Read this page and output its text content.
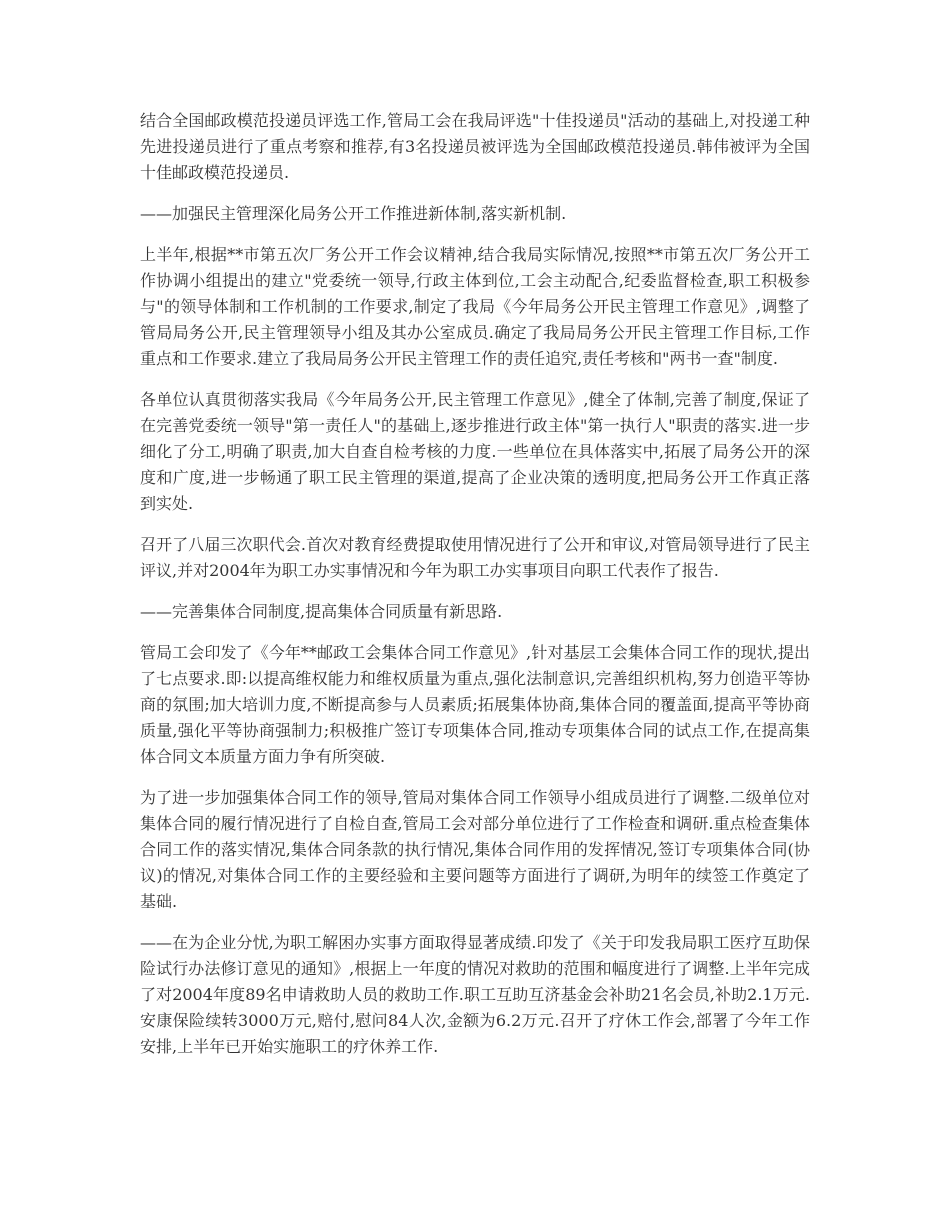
结合全国邮政模范投递员评选工作,管局工会在我局评选"十佳投递员"活动的基础上,对投递工种先进投递员进行了重点考察和推荐,有3名投递员被评选为全国邮政模范投递员.韩伟被评为全国十佳邮政模范投递员.

——加强民主管理深化局务公开工作推进新体制,落实新机制.

上半年,根据**市第五次厂务公开工作会议精神,结合我局实际情况,按照**市第五次厂务公开工作协调小组提出的建立"党委统一领导,行政主体到位,工会主动配合,纪委监督检查,职工积极参与"的领导体制和工作机制的工作要求,制定了我局《今年局务公开民主管理工作意见》,调整了管局局务公开,民主管理领导小组及其办公室成员.确定了我局局务公开民主管理工作目标,工作重点和工作要求.建立了我局局务公开民主管理工作的责任追究,责任考核和"两书一查"制度.

各单位认真贯彻落实我局《今年局务公开,民主管理工作意见》,健全了体制,完善了制度,保证了在完善党委统一领导"第一责任人"的基础上,逐步推进行政主体"第一执行人"职责的落实.进一步细化了分工,明确了职责,加大自查自检考核的力度.一些单位在具体落实中,拓展了局务公开的深度和广度,进一步畅通了职工民主管理的渠道,提高了企业决策的透明度,把局务公开工作真正落到实处.

召开了八届三次职代会.首次对教育经费提取使用情况进行了公开和审议,对管局领导进行了民主评议,并对2004年为职工办实事情况和今年为职工办实事项目向职工代表作了报告.

——完善集体合同制度,提高集体合同质量有新思路.

管局工会印发了《今年**邮政工会集体合同工作意见》,针对基层工会集体合同工作的现状,提出了七点要求.即:以提高维权能力和维权质量为重点,强化法制意识,完善组织机构,努力创造平等协商的氛围;加大培训力度,不断提高参与人员素质;拓展集体协商,集体合同的覆盖面,提高平等协商质量,强化平等协商强制力;积极推广签订专项集体合同,推动专项集体合同的试点工作,在提高集体合同文本质量方面力争有所突破.

为了进一步加强集体合同工作的领导,管局对集体合同工作领导小组成员进行了调整.二级单位对集体合同的履行情况进行了自检自查,管局工会对部分单位进行了工作检查和调研.重点检查集体合同工作的落实情况,集体合同条款的执行情况,集体合同作用的发挥情况,签订专项集体合同(协议)的情况,对集体合同工作的主要经验和主要问题等方面进行了调研,为明年的续签工作奠定了基础.

——在为企业分忧,为职工解困办实事方面取得显著成绩.印发了《关于印发我局职工医疗互助保险试行办法修订意见的通知》,根据上一年度的情况对救助的范围和幅度进行了调整.上半年完成了对2004年度89名申请救助人员的救助工作.职工互助互济基金会补助21名会员,补助2.1万元.安康保险续转3000万元,赔付,慰问84人次,金额为6.2万元.召开了疗休工作会,部署了今年工作安排,上半年已开始实施职工的疗休养工作.
